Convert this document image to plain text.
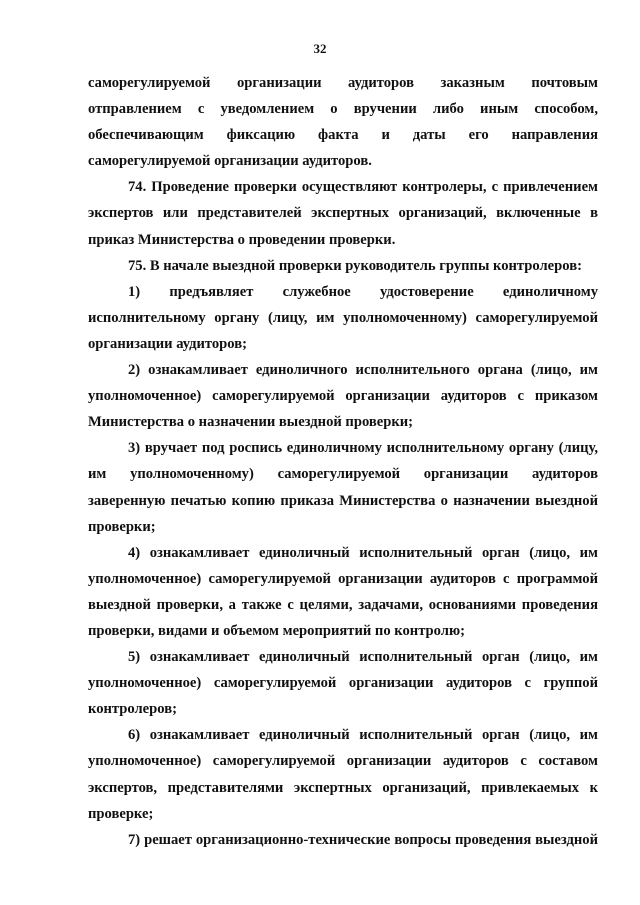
32

саморегулируемой организации аудиторов заказным почтовым отправлением с уведомлением о вручении либо иным способом, обеспечивающим фиксацию факта и даты его направления саморегулируемой организации аудиторов.

74. Проведение проверки осуществляют контролеры, с привлечением экспертов или представителей экспертных организаций, включенные в приказ Министерства о проведении проверки.

75. В начале выездной проверки руководитель группы контролеров:

1) предъявляет служебное удостоверение единоличному исполнительному органу (лицу, им уполномоченному) саморегулируемой организации аудиторов;

2) ознакамливает единоличного исполнительного органа (лицо, им уполномоченное) саморегулируемой организации аудиторов с приказом Министерства о назначении выездной проверки;

3) вручает под роспись единоличному исполнительному органу (лицу, им уполномоченному) саморегулируемой организации аудиторов заверенную печатью копию приказа Министерства о назначении выездной проверки;

4) ознакамливает единоличный исполнительный орган (лицо, им уполномоченное) саморегулируемой организации аудиторов с программой выездной проверки, а также с целями, задачами, основаниями проведения проверки, видами и объемом мероприятий по контролю;

5) ознакамливает единоличный исполнительный орган (лицо, им уполномоченное) саморегулируемой организации аудиторов с группой контролеров;

6) ознакамливает единоличный исполнительный орган (лицо, им уполномоченное) саморегулируемой организации аудиторов с составом экспертов, представителями экспертных организаций, привлекаемых к проверке;

7) решает организационно-технические вопросы проведения выездной
